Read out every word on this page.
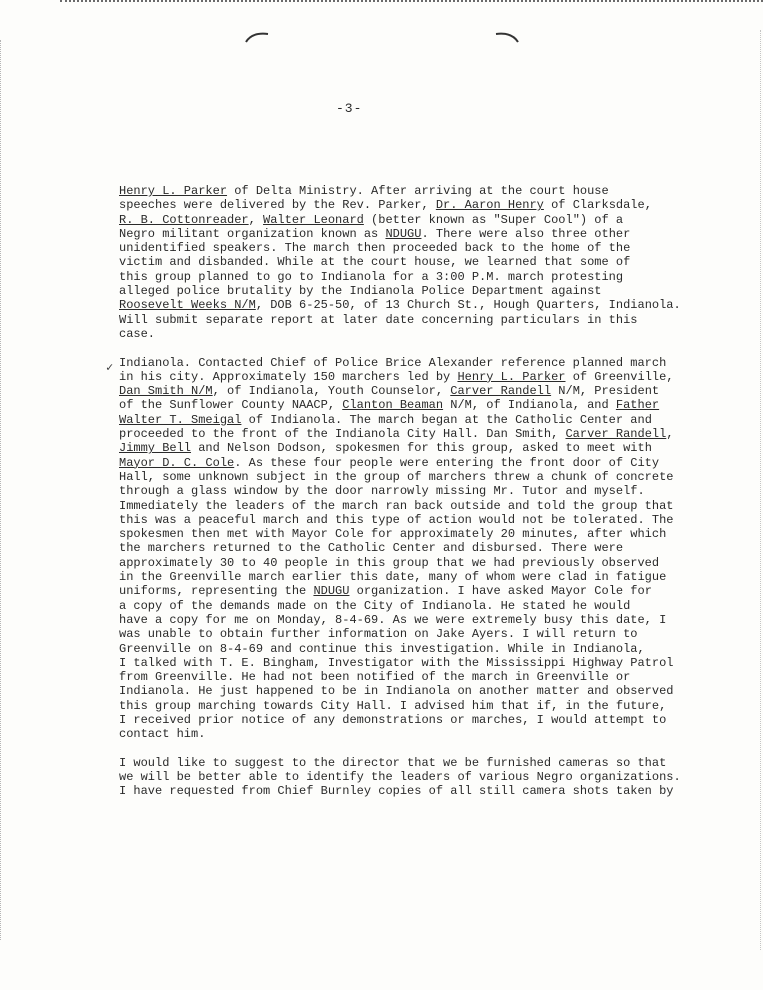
-3-
✓
Henry L. Parker of Delta Ministry. After arriving at the court house
speeches were delivered by the Rev. Parker, Dr. Aaron Henry of Clarksdale,
R. B. Cottonreader, Walter Leonard (better known as "Super Cool") of a
Negro militant organization known as NDUGU. There were also three other
unidentified speakers. The march then proceeded back to the home of the
victim and disbanded. While at the court house, we learned that some of
this group planned to go to Indianola for a 3:00 P.M. march protesting
alleged police brutality by the Indianola Police Department against
Roosevelt Weeks N/M, DOB 6-25-50, of 13 Church St., Hough Quarters, Indianola.
Will submit separate report at later date concerning particulars in this
case.
Indianola. Contacted Chief of Police Brice Alexander reference planned march
in his city. Approximately 150 marchers led by Henry L. Parker of Greenville,
Dan Smith N/M, of Indianola, Youth Counselor, Carver Randell N/M, President
of the Sunflower County NAACP, Clanton Beaman N/M, of Indianola, and Father
Walter T. Smeigal of Indianola. The march began at the Catholic Center and
proceeded to the front of the Indianola City Hall. Dan Smith, Carver Randell,
Jimmy Bell and Nelson Dodson, spokesmen for this group, asked to meet with
Mayor D. C. Cole. As these four people were entering the front door of City
Hall, some unknown subject in the group of marchers threw a chunk of concrete
through a glass window by the door narrowly missing Mr. Tutor and myself.
Immediately the leaders of the march ran back outside and told the group that
this was a peaceful march and this type of action would not be tolerated. The
spokesmen then met with Mayor Cole for approximately 20 minutes, after which
the marchers returned to the Catholic Center and disbursed. There were
approximately 30 to 40 people in this group that we had previously observed
in the Greenville march earlier this date, many of whom were clad in fatigue
uniforms, representing the NDUGU organization. I have asked Mayor Cole for
a copy of the demands made on the City of Indianola. He stated he would
have a copy for me on Monday, 8-4-69. As we were extremely busy this date, I
was unable to obtain further information on Jake Ayers. I will return to
Greenville on 8-4-69 and continue this investigation. While in Indianola,
I talked with T. E. Bingham, Investigator with the Mississippi Highway Patrol
from Greenville. He had not been notified of the march in Greenville or
Indianola. He just happened to be in Indianola on another matter and observed
this group marching towards City Hall. I advised him that if, in the future,
I received prior notice of any demonstrations or marches, I would attempt to
contact him.
I would like to suggest to the director that we be furnished cameras so that
we will be better able to identify the leaders of various Negro organizations.
I have requested from Chief Burnley copies of all still camera shots taken by
